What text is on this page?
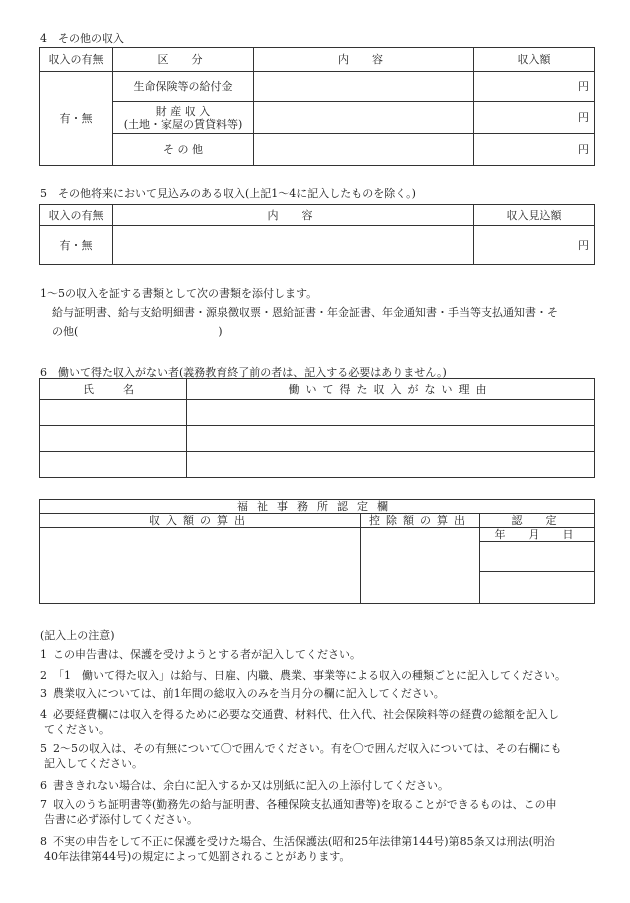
4　その他の収入
収入の有無	区　分	内　容	収入額
有・無	生命保険等の給付金		円

	財 産 収 入
(土地・家屋の賃貸料等)		円
	そ の 他		円
5　その他将来において見込みのある収入(上記1〜4に記入したものを除く。)
収入の有無	内　容	収入見込額
有・無		円
1〜5の収入を証する書類として次の書類を添付します。
給与証明書、給与支給明細書・源泉徴収票・恩給証書・年金証書、年金通知書・手当等支払通知書・そ
の他(	)
6　働いて得た収入がない者(義務教育終了前の者は、記入する必要はありません。)
氏　名	働いて得た収入がない理由

福祉事務所認定欄		
収入額の算出	控除額の算出	認　定
		年　月　日

(記入上の注意)
1 この申告書は、保護を受けようとする者が記入してください。
2 「1　働いて得た収入」は給与、日雇、内職、農業、事業等による収入の種類ごとに記入してください。
3 農業収入については、前1年間の総収入のみを当月分の欄に記入してください。
4 必要経費欄には収入を得るために必要な交通費、材料代、仕入代、社会保険料等の経費の総額を記入し
てください。
5 2〜5の収入は、その有無について〇で囲んでください。有を〇で囲んだ収入については、その右欄にも
記入してください。
6 書ききれない場合は、余白に記入するか又は別紙に記入の上添付してください。
7 収入のうち証明書等(勤務先の給与証明書、各種保険支払通知書等)を取ることができるものは、この申
告書に必ず添付してください。
8 不実の申告をして不正に保護を受けた場合、生活保護法(昭和25年法律第144号)第85条又は刑法(明治
40年法律第44号)の規定によって処罰されることがあります。
